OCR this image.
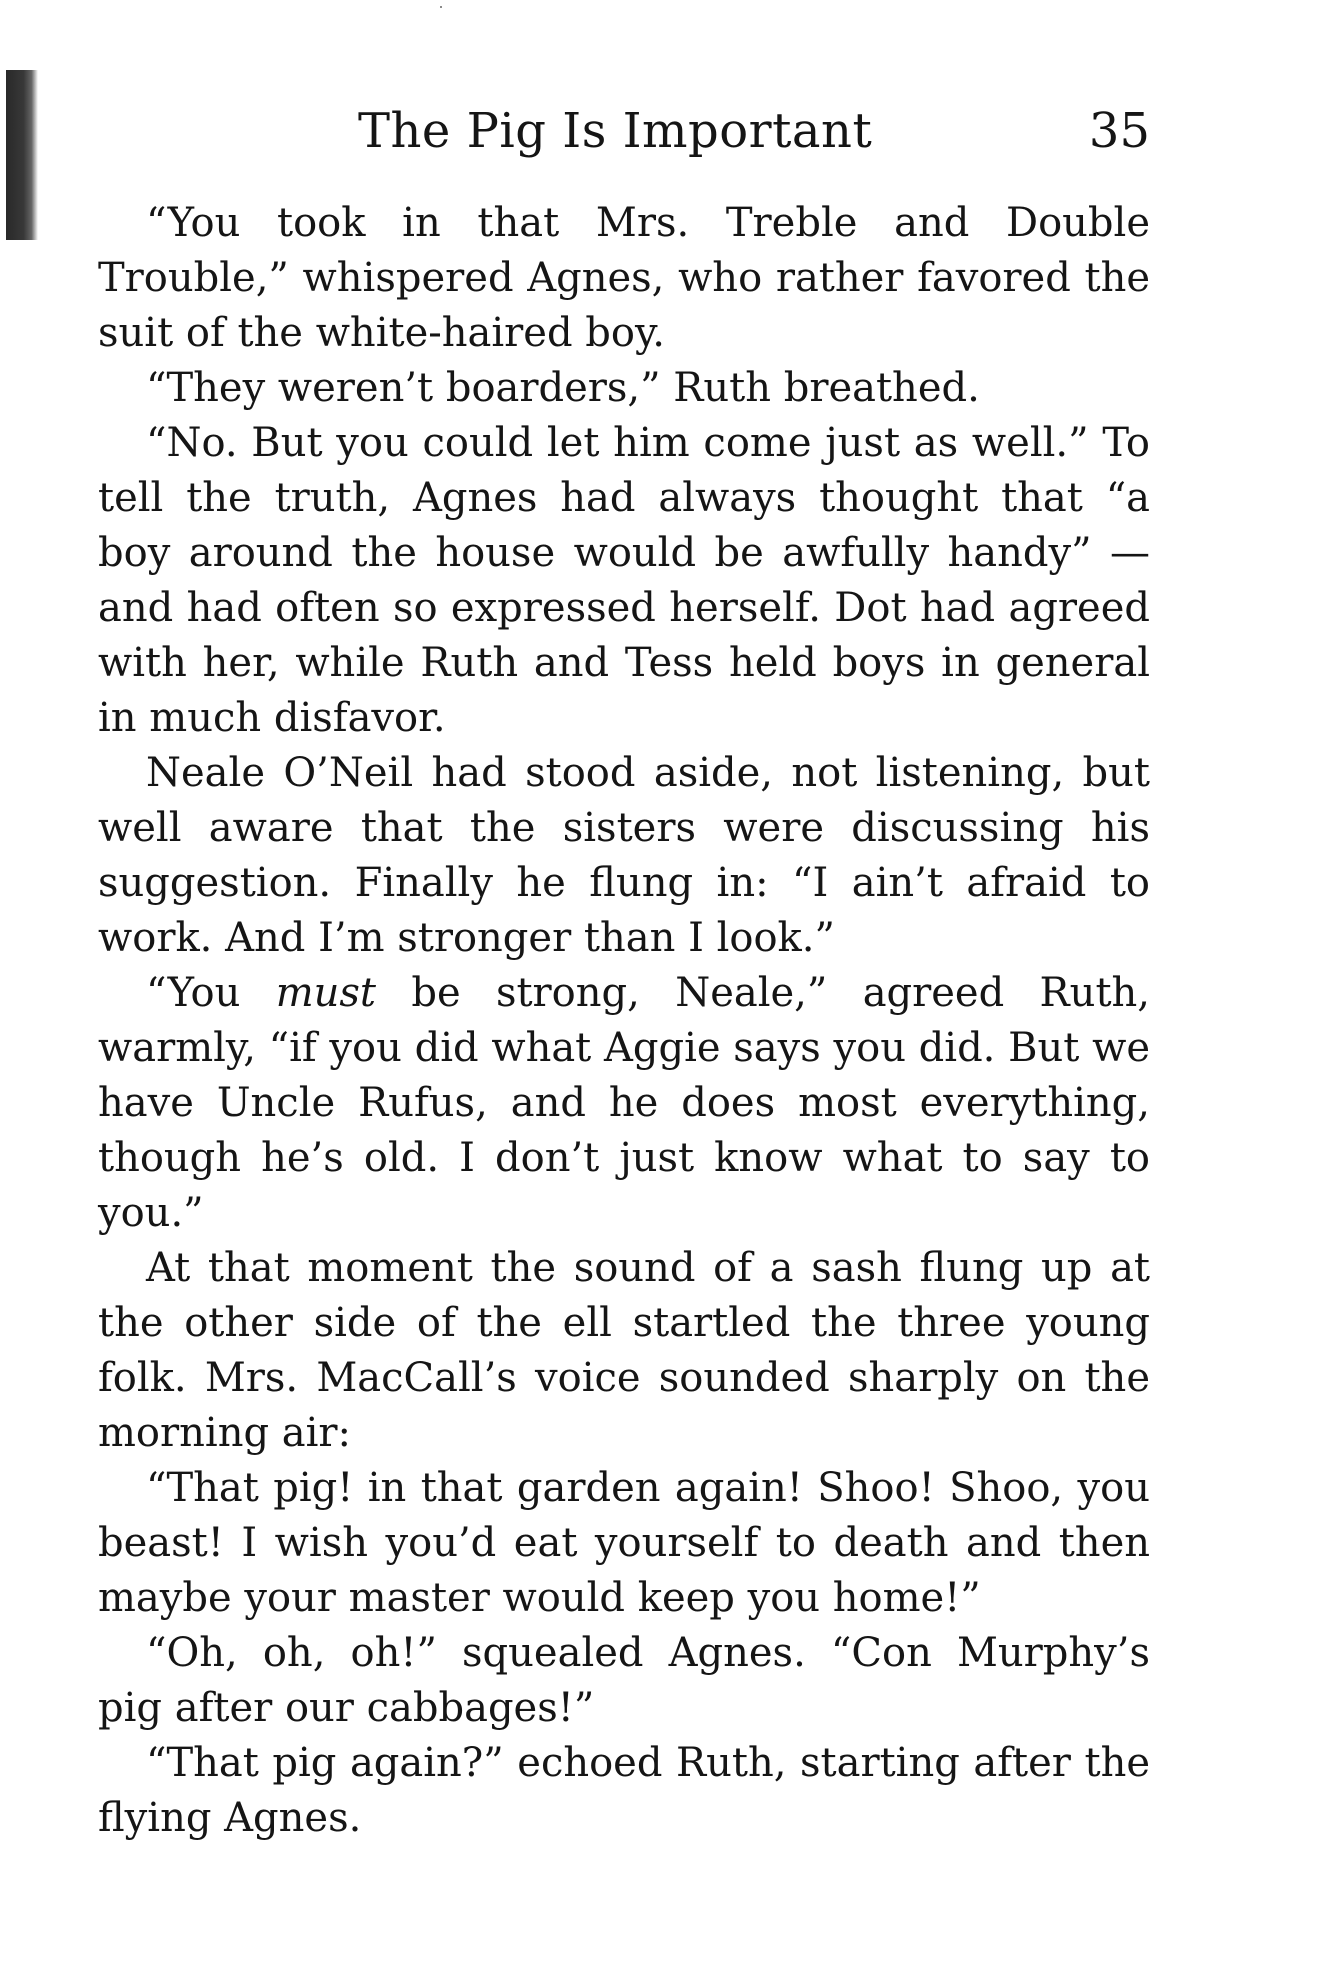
The Pig Is Important	35

“You took in that Mrs. Treble and Double Trouble,” whispered Agnes, who rather favored the suit of the white-haired boy.

“They weren’t boarders,” Ruth breathed.

“No. But you could let him come just as well.” To tell the truth, Agnes had always thought that “a boy around the house would be awfully handy” —and had often so expressed herself. Dot had agreed with her, while Ruth and Tess held boys in general in much disfavor.

Neale O’Neil had stood aside, not listening, but well aware that the sisters were discussing his suggestion. Finally he flung in: “I ain’t afraid to work. And I’m stronger than I look.”

“You must be strong, Neale,” agreed Ruth, warmly, “if you did what Aggie says you did. But we have Uncle Rufus, and he does most everything, though he’s old. I don’t just know what to say to you.”

At that moment the sound of a sash flung up at the other side of the ell startled the three young folk. Mrs. MacCall’s voice sounded sharply on the morning air:

“That pig! in that garden again! Shoo! Shoo, you beast! I wish you’d eat yourself to death and then maybe your master would keep you home!”

“Oh, oh, oh!” squealed Agnes. “Con Murphy’s pig after our cabbages!”

“That pig again?” echoed Ruth, starting after the flying Agnes.
